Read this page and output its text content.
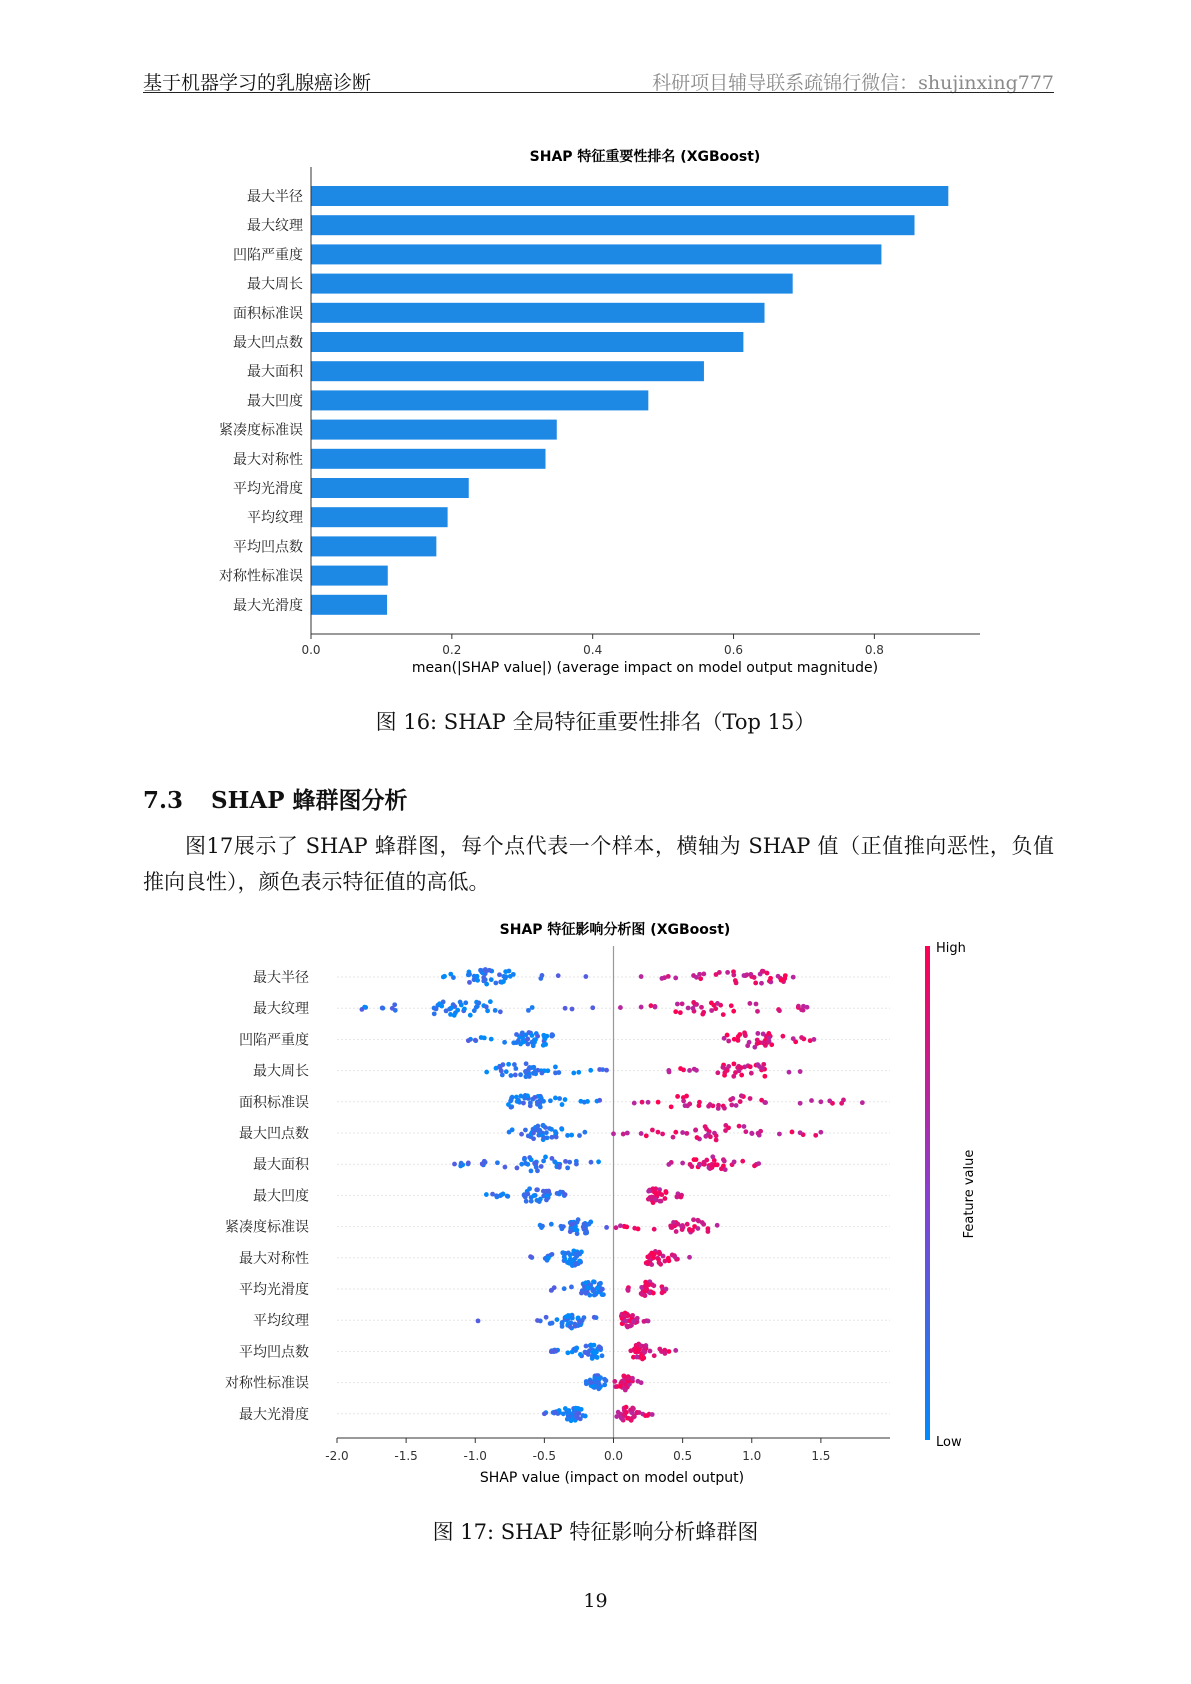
基于机器学习的乳腺癌诊断	科研项目辅导联系疏锦行微信：shujinxing777
SHAP 特征重要性排名 (XGBoost)
最大半径
最大纹理
凹陷严重度
最大周长
面积标准误
最大凹点数
最大面积
最大凹度
紧凑度标准误
最大对称性
平均光滑度
平均纹理
平均凹点数
对称性标准误
最大光滑度
0.0	0.2	0.4	0.6	0.8
mean(|SHAP value|) (average impact on model output magnitude)
图 16: SHAP 全局特征重要性排名（Top 15）
7.3 SHAP 蜂群图分析
图17展示了 SHAP 蜂群图，每个点代表一个样本，横轴为 SHAP 值（正值推向恶性，负值推向良性），颜色表示特征值的高低。
SHAP 特征影响分析图 (XGBoost)
最大半径
最大纹理
凹陷严重度
最大周长
面积标准误
最大凹点数
最大面积
最大凹度
紧凑度标准误
最大对称性
平均光滑度
平均纹理
平均凹点数
对称性标准误
最大光滑度
-2.0	-1.5	-1.0	-0.5	0.0	0.5	1.0	1.5
SHAP value (impact on model output)
High
Low
Feature value
图 17: SHAP 特征影响分析蜂群图
19
